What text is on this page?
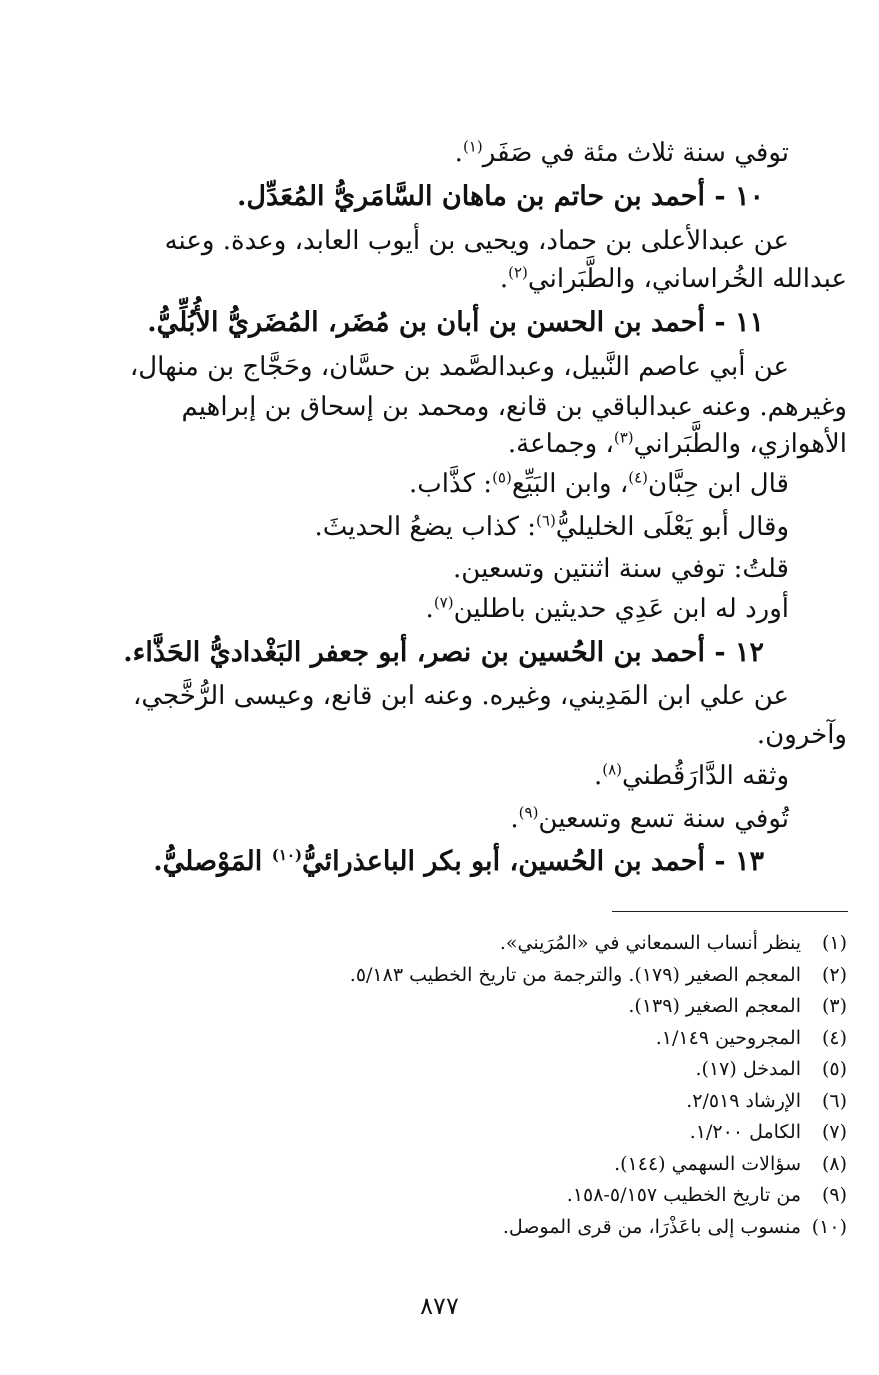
توفي سنة ثلاث مئة في صَفَر$^{(١)}$.
١٠ - أحمد بن حاتم بن ماهان السَّامَريُّ المُعَدِّل.
عن عبدالأعلى بن حماد، ويحيى بن أيوب العابد، وعدة. وعنه
عبدالله الخُراساني، والطَّبَراني$^{(٢)}$.
١١ - أحمد بن الحسن بن أبان بن مُضَر، المُضَريُّ الأُبُلِّيُّ.
عن أبي عاصم النَّبيل، وعبدالصَّمد بن حسَّان، وحَجَّاج بن منهال،
وغيرهم. وعنه عبدالباقي بن قانع، ومحمد بن إسحاق بن إبراهيم
الأهوازي، والطَّبَراني$^{(٣)}$، وجماعة.
قال ابن حِبَّان$^{(٤)}$، وابن البَيِّع$^{(٥)}$: كذَّاب.
وقال أبو يَعْلَى الخليليُّ$^{(٦)}$: كذاب يضعُ الحديثَ.
قلتُ: توفي سنة اثنتين وتسعين.
أورد له ابن عَدِي حديثين باطلين$^{(٧)}$.
١٢ - أحمد بن الحُسين بن نصر، أبو جعفر البَغْداديُّ الحَذَّاء.
عن علي ابن المَدِيني، وغيره. وعنه ابن قانع، وعيسى الرُّخَّجي،
وآخرون.
وثقه الدَّارَقُطني$^{(٨)}$.
تُوفي سنة تسع وتسعين$^{(٩)}$.
١٣ - أحمد بن الحُسين، أبو بكر الباعذرائيُّ$^{(١٠)}$ المَوْصليُّ.
(١)ينظر أنساب السمعاني في «المُرَيني».
(٢)المعجم الصغير (١٧٩). والترجمة من تاريخ الخطيب ٥/١٨٣.
(٣)المعجم الصغير (١٣٩).
(٤)المجروحين ١/١٤٩.
(٥)المدخل (١٧).
(٦)الإرشاد ٢/٥١٩.
(٧)الكامل ١/٢٠٠.
(٨)سؤالات السهمي (١٤٤).
(٩)من تاريخ الخطيب ٥/١٥٧-١٥٨.
(١٠)منسوب إلى باعَذْرَا، من قرى الموصل.
٨٧٧
